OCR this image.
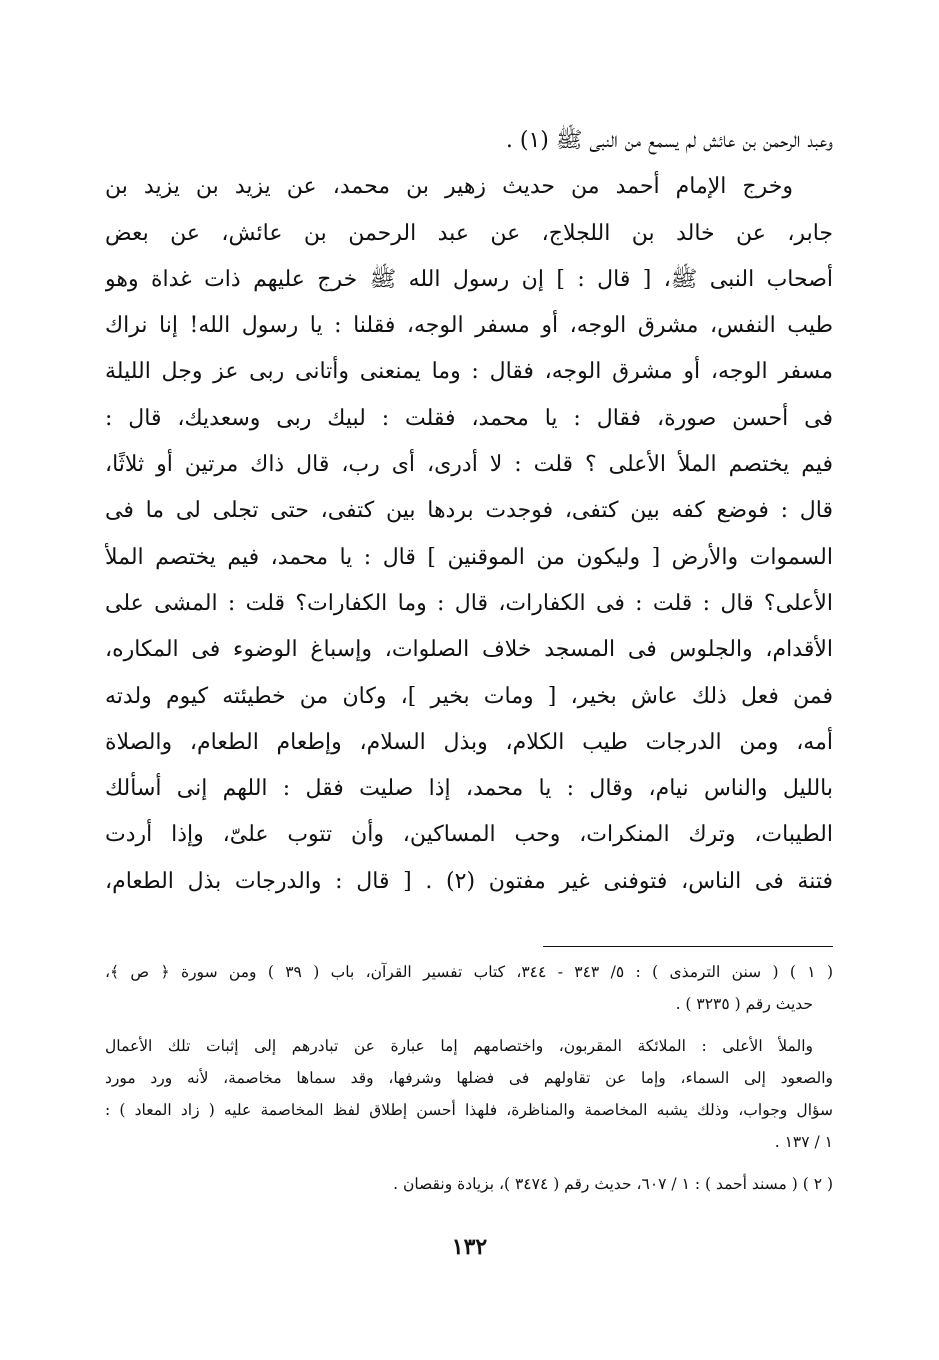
وعبد الرحمن بن عائش لم يسمع من النبى ﷺ (١) .
وخرج الإمام أحمد من حديث زهير بن محمد، عن يزيد بن يزيد بن
جابر، عن خالد بن اللجلاج، عن عبد الرحمن بن عائش، عن بعض
أصحاب النبى ﷺ، [ قال : ] إن رسول الله ﷺ خرج عليهم ذات غداة وهو
طيب النفس، مشرق الوجه، أو مسفر الوجه، فقلنا : يا رسول الله! إنا نراك
مسفر الوجه، أو مشرق الوجه، فقال : وما يمنعنى وأتانى ربى عز وجل الليلة
فى أحسن صورة، فقال : يا محمد، فقلت : لبيك ربى وسعديك، قال :
فيم يختصم الملأ الأعلى ؟ قلت : لا أدرى، أى رب، قال ذاك مرتين أو ثلاثًا،
قال : فوضع كفه بين كتفى، فوجدت بردها بين كتفى، حتى تجلى لى ما فى
السموات والأرض [ وليكون من الموقنين ] قال : يا محمد، فيم يختصم الملأ
الأعلى؟ قال : قلت : فى الكفارات، قال : وما الكفارات؟ قلت : المشى على
الأقدام، والجلوس فى المسجد خلاف الصلوات، وإسباغ الوضوء فى المكاره،
فمن فعل ذلك عاش بخير، [ ومات بخير ]، وكان من خطيئته كيوم ولدته
أمه، ومن الدرجات طيب الكلام، وبذل السلام، وإطعام الطعام، والصلاة
بالليل والناس نيام، وقال : يا محمد، إذا صليت فقل : اللهم إنى أسألك
الطيبات، وترك المنكرات، وحب المساكين، وأن تتوب علىّ، وإذا أردت
فتنة فى الناس، فتوفنى غير مفتون (٢) . [ قال : والدرجات بذل الطعام،
( ١ ) ( سنن الترمذى ) : ٥/ ٣٤٣ - ٣٤٤، كتاب تفسير القرآن، باب ( ٣٩ ) ومن سورة ﴿ ص ﴾،
حديث رقم ( ٣٢٣٥ ) .
والملأ الأعلى : الملائكة المقربون، واختصامهم إما عبارة عن تبادرهم إلى إثبات تلك الأعمال
والصعود إلى السماء، وإما عن تقاولهم فى فضلها وشرفها، وقد سماها مخاصمة، لأنه ورد مورد
سؤال وجواب، وذلك يشبه المخاصمة والمناظرة، فلهذا أحسن إطلاق لفظ المخاصمة عليه ( زاد المعاد ) :
١ / ١٣٧ .
( ٢ ) ( مسند أحمد ) : ١ / ٦٠٧، حديث رقم ( ٣٤٧٤ )، بزيادة ونقصان .
١٣٢
